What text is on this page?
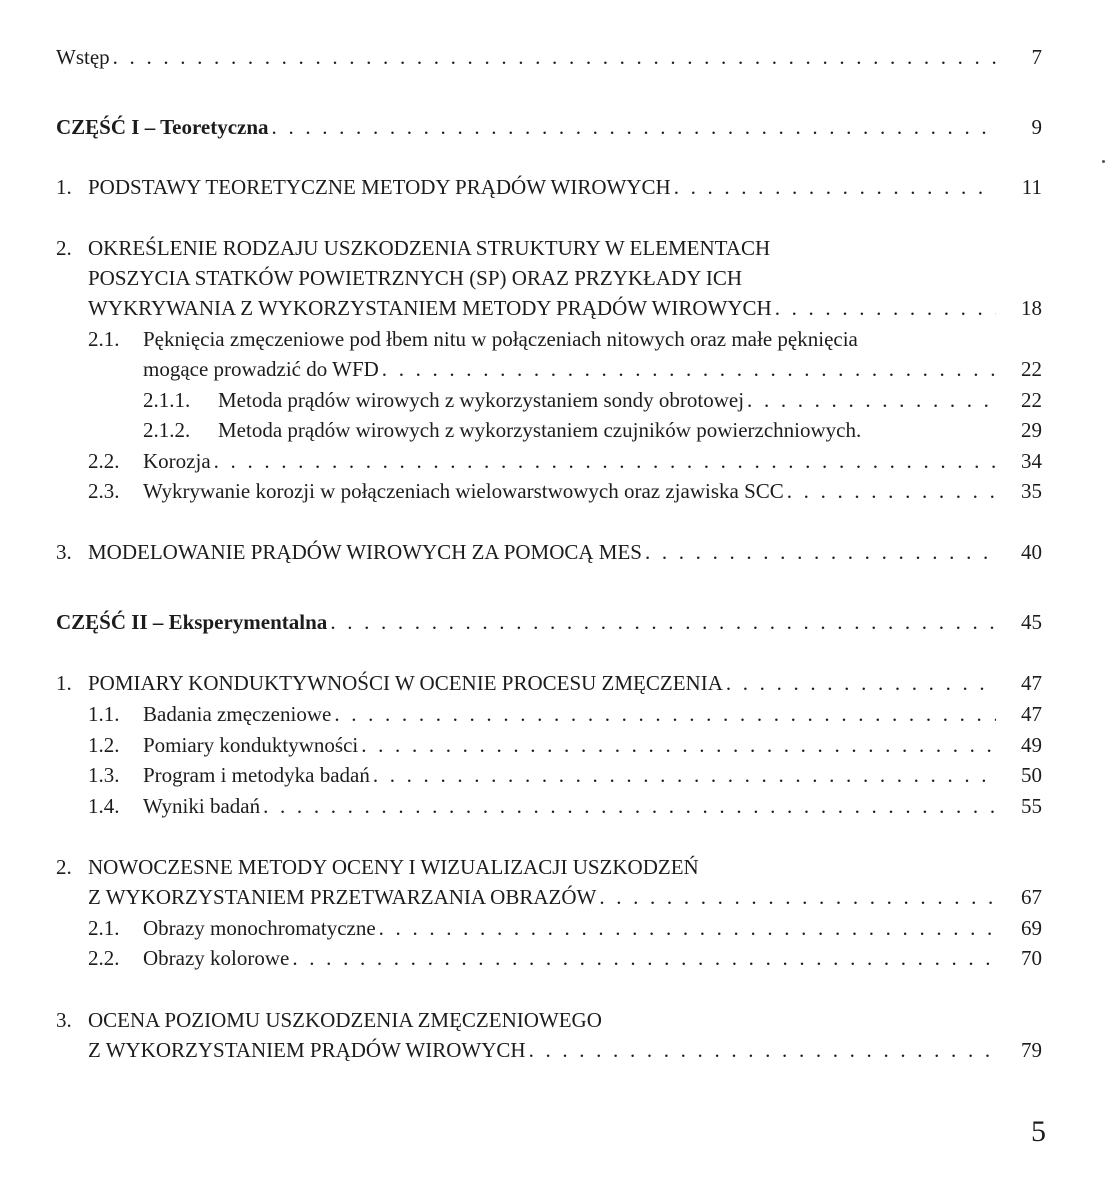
Wstęp . . .	7
CZĘŚĆ I – Teoretyczna . . .	9
1. PODSTAWY TEORETYCZNE METODY PRĄDÓW WIROWYCH . . .	11
2. OKREŚLENIE RODZAJU USZKODZENIA STRUKTURY W ELEMENTACH
POSZYCIA STATKÓW POWIETRZNYCH (SP) ORAZ PRZYKŁADY ICH
WYKRYWANIA Z WYKORZYSTANIEM METODY PRĄDÓW WIROWYCH . . .	18
2.1. Pęknięcia zmęczeniowe pod łbem nitu w połączeniach nitowych oraz małe pęknięcia
mogące prowadzić do WFD . . .	22
2.1.1. Metoda prądów wirowych z wykorzystaniem sondy obrotowej . . .	22
2.1.2. Metoda prądów wirowych z wykorzystaniem czujników powierzchniowych.	29
2.2. Korozja . . .	34
2.3. Wykrywanie korozji w połączeniach wielowarstwowych oraz zjawiska SCC . . .	35
3. MODELOWANIE PRĄDÓW WIROWYCH ZA POMOCĄ MES . . .	40
CZĘŚĆ II – Eksperymentalna . . .	45
1. POMIARY KONDUKTYWNOŚCI W OCENIE PROCESU ZMĘCZENIA . . .	47
1.1. Badania zmęczeniowe . . .	47
1.2. Pomiary konduktywności . . .	49
1.3. Program i metodyka badań . . .	50
1.4. Wyniki badań . . .	55
2. NOWOCZESNE METODY OCENY I WIZUALIZACJI USZKODZEŃ
Z WYKORZYSTANIEM PRZETWARZANIA OBRAZÓW . . .	67
2.1. Obrazy monochromatyczne . . .	69
2.2. Obrazy kolorowe . . .	70
3. OCENA POZIOMU USZKODZENIA ZMĘCZENIOWEGO
Z WYKORZYSTANIEM PRĄDÓW WIROWYCH . . .	79
5
